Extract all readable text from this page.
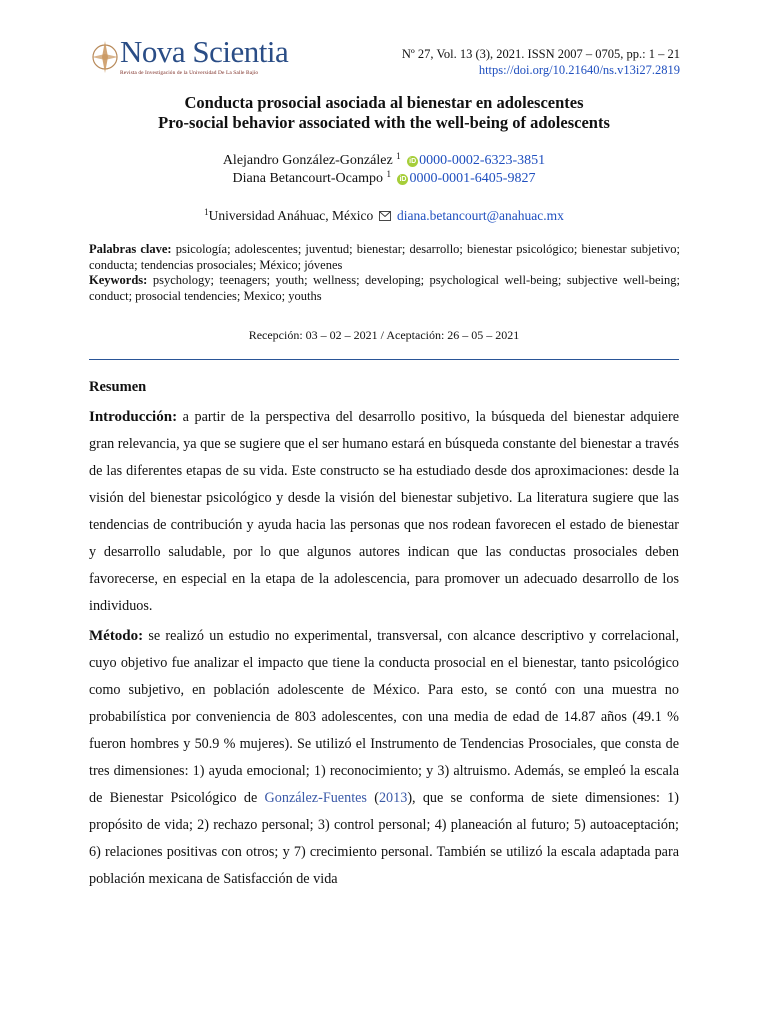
Nova Scientia
Revista de Investigación de la Universidad De La Salle Bajío
Nº 27, Vol. 13 (3), 2021. ISSN 2007 – 0705, pp.: 1 – 21
https://doi.org/10.21640/ns.v13i27.2819
Conducta prosocial asociada al bienestar en adolescentes
Pro-social behavior associated with the well-being of adolescents
Alejandro González-González $^1$ iD 0000-0002-6323-3851
Diana Betancourt-Ocampo $^1$ iD 0000-0001-6405-9827
$^1$Universidad Anáhuac, México diana.betancourt@anahuac.mx

Palabras clave: psicología; adolescentes; juventud; bienestar; desarrollo; bienestar psicológico; bienestar subjetivo; conducta; tendencias prosociales; México; jóvenes

Keywords: psychology; teenagers; youth; wellness; developing; psychological well-being; subjective well-being; conduct; prosocial tendencies; Mexico; youths

Recepción: 03 – 02 – 2021 / Aceptación: 26 – 05 – 2021
Resumen

Introducción: a partir de la perspectiva del desarrollo positivo, la búsqueda del bienestar adquiere gran relevancia, ya que se sugiere que el ser humano estará en búsqueda constante del bienestar a través de las diferentes etapas de su vida. Este constructo se ha estudiado desde dos aproximaciones: desde la visión del bienestar psicológico y desde la visión del bienestar subjetivo. La literatura sugiere que las tendencias de contribución y ayuda hacia las personas que nos rodean favorecen el estado de bienestar y desarrollo saludable, por lo que algunos autores indican que las conductas prosociales deben favorecerse, en especial en la etapa de la adolescencia, para promover un adecuado desarrollo de los individuos.

Método: se realizó un estudio no experimental, transversal, con alcance descriptivo y correlacional, cuyo objetivo fue analizar el impacto que tiene la conducta prosocial en el bienestar, tanto psicológico como subjetivo, en población adolescente de México. Para esto, se contó con una muestra no probabilística por conveniencia de 803 adolescentes, con una media de edad de 14.87 años (49.1 % fueron hombres y 50.9 % mujeres). Se utilizó el Instrumento de Tendencias Prosociales, que consta de tres dimensiones: 1) ayuda emocional; 1) reconocimiento; y 3) altruismo. Además, se empleó la escala de Bienestar Psicológico de González-Fuentes (2013), que se conforma de siete dimensiones: 1) propósito de vida; 2) rechazo personal; 3) control personal; 4) planeación al futuro; 5) autoaceptación; 6) relaciones positivas con otros; y 7) crecimiento personal. También se utilizó la escala adaptada para población mexicana de Satisfacción de vida
